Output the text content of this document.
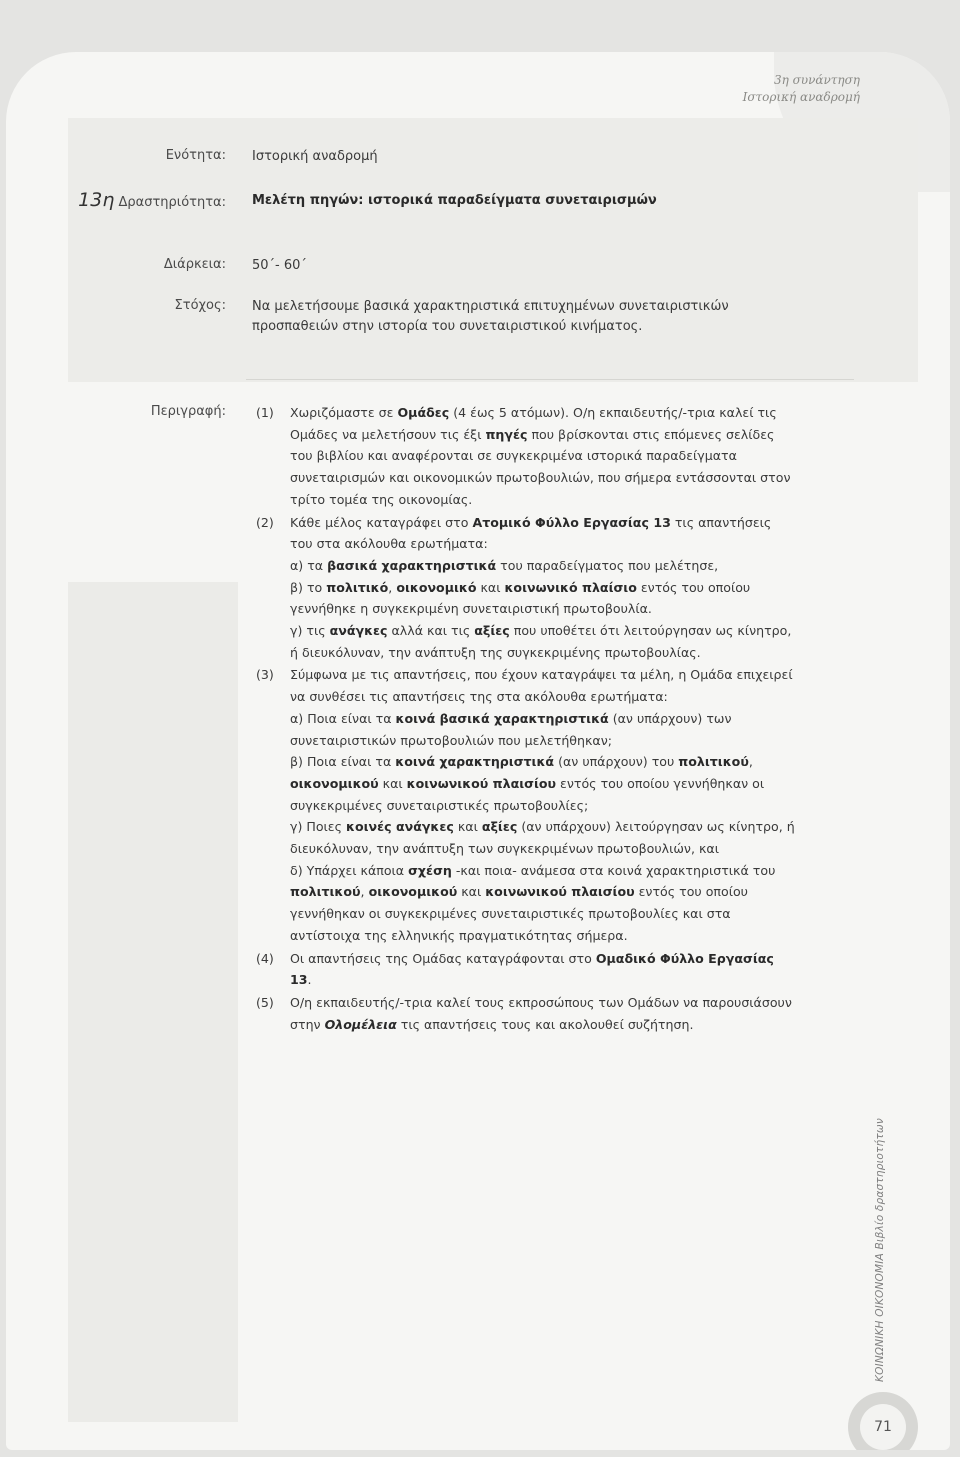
3η συνάντηση
Ιστορική αναδρομή
Ενότητα: Ιστορική αναδρομή
13η Δραστηριότητα: Μελέτη πηγών: ιστορικά παραδείγματα συνεταιρισμών
Διάρκεια: 50΄- 60΄
Στόχος: Να μελετήσουμε βασικά χαρακτηριστικά επιτυχημένων συνεταιριστικών προσπαθειών στην ιστορία του συνεταιριστικού κινήματος.
Περιγραφή: (1) Χωριζόμαστε σε Ομάδες (4 έως 5 ατόμων). Ο/η εκπαιδευτής/-τρια καλεί τις Ομάδες να μελετήσουν τις έξι πηγές που βρίσκονται στις επόμενες σελίδες του βιβλίου και αναφέρονται σε συγκεκριμένα ιστορικά παραδείγματα συνεταιρισμών και οικονομικών πρωτοβουλιών, που σήμερα εντάσσονται στον τρίτο τομέα της οικονομίας.
(2) Κάθε μέλος καταγράφει στο Ατομικό Φύλλο Εργασίας 13 τις απαντήσεις του στα ακόλουθα ερωτήματα:
α) τα βασικά χαρακτηριστικά του παραδείγματος που μελέτησε,
β) το πολιτικό, οικονομικό και κοινωνικό πλαίσιο εντός του οποίου γεννήθηκε η συγκεκριμένη συνεταιριστική πρωτοβουλία.
γ) τις ανάγκες αλλά και τις αξίες που υποθέτει ότι λειτούργησαν ως κίνητρο, ή διευκόλυναν, την ανάπτυξη της συγκεκριμένης πρωτοβουλίας.
(3) Σύμφωνα με τις απαντήσεις, που έχουν καταγράψει τα μέλη, η Ομάδα επιχειρεί να συνθέσει τις απαντήσεις της στα ακόλουθα ερωτήματα:
α) Ποια είναι τα κοινά βασικά χαρακτηριστικά (αν υπάρχουν) των συνεταιριστικών πρωτοβουλιών που μελετήθηκαν;
β) Ποια είναι τα κοινά χαρακτηριστικά (αν υπάρχουν) του πολιτικού, οικονομικού και κοινωνικού πλαισίου εντός του οποίου γεννήθηκαν οι συγκεκριμένες συνεταιριστικές πρωτοβουλίες;
γ) Ποιες κοινές ανάγκες και αξίες (αν υπάρχουν) λειτούργησαν ως κίνητρο, ή διευκόλυναν, την ανάπτυξη των συγκεκριμένων πρωτοβουλιών, και
δ) Υπάρχει κάποια σχέση -και ποια- ανάμεσα στα κοινά χαρακτηριστικά του πολιτικού, οικονομικού και κοινωνικού πλαισίου εντός του οποίου γεννήθηκαν οι συγκεκριμένες συνεταιριστικές πρωτοβουλίες και στα αντίστοιχα της ελληνικής πραγματικότητας σήμερα.
(4) Οι απαντήσεις της Ομάδας καταγράφονται στο Ομαδικό Φύλλο Εργασίας 13.
(5) Ο/η εκπαιδευτής/-τρια καλεί τους εκπροσώπους των Ομάδων να παρουσιάσουν στην Ολομέλεια τις απαντήσεις τους και ακολουθεί συζήτηση.
ΚΟΙΝΩΝΙΚΗ ΟΙΚΟΝΟΜΙΑ Βιβλίο δραστηριοτήτων
71
